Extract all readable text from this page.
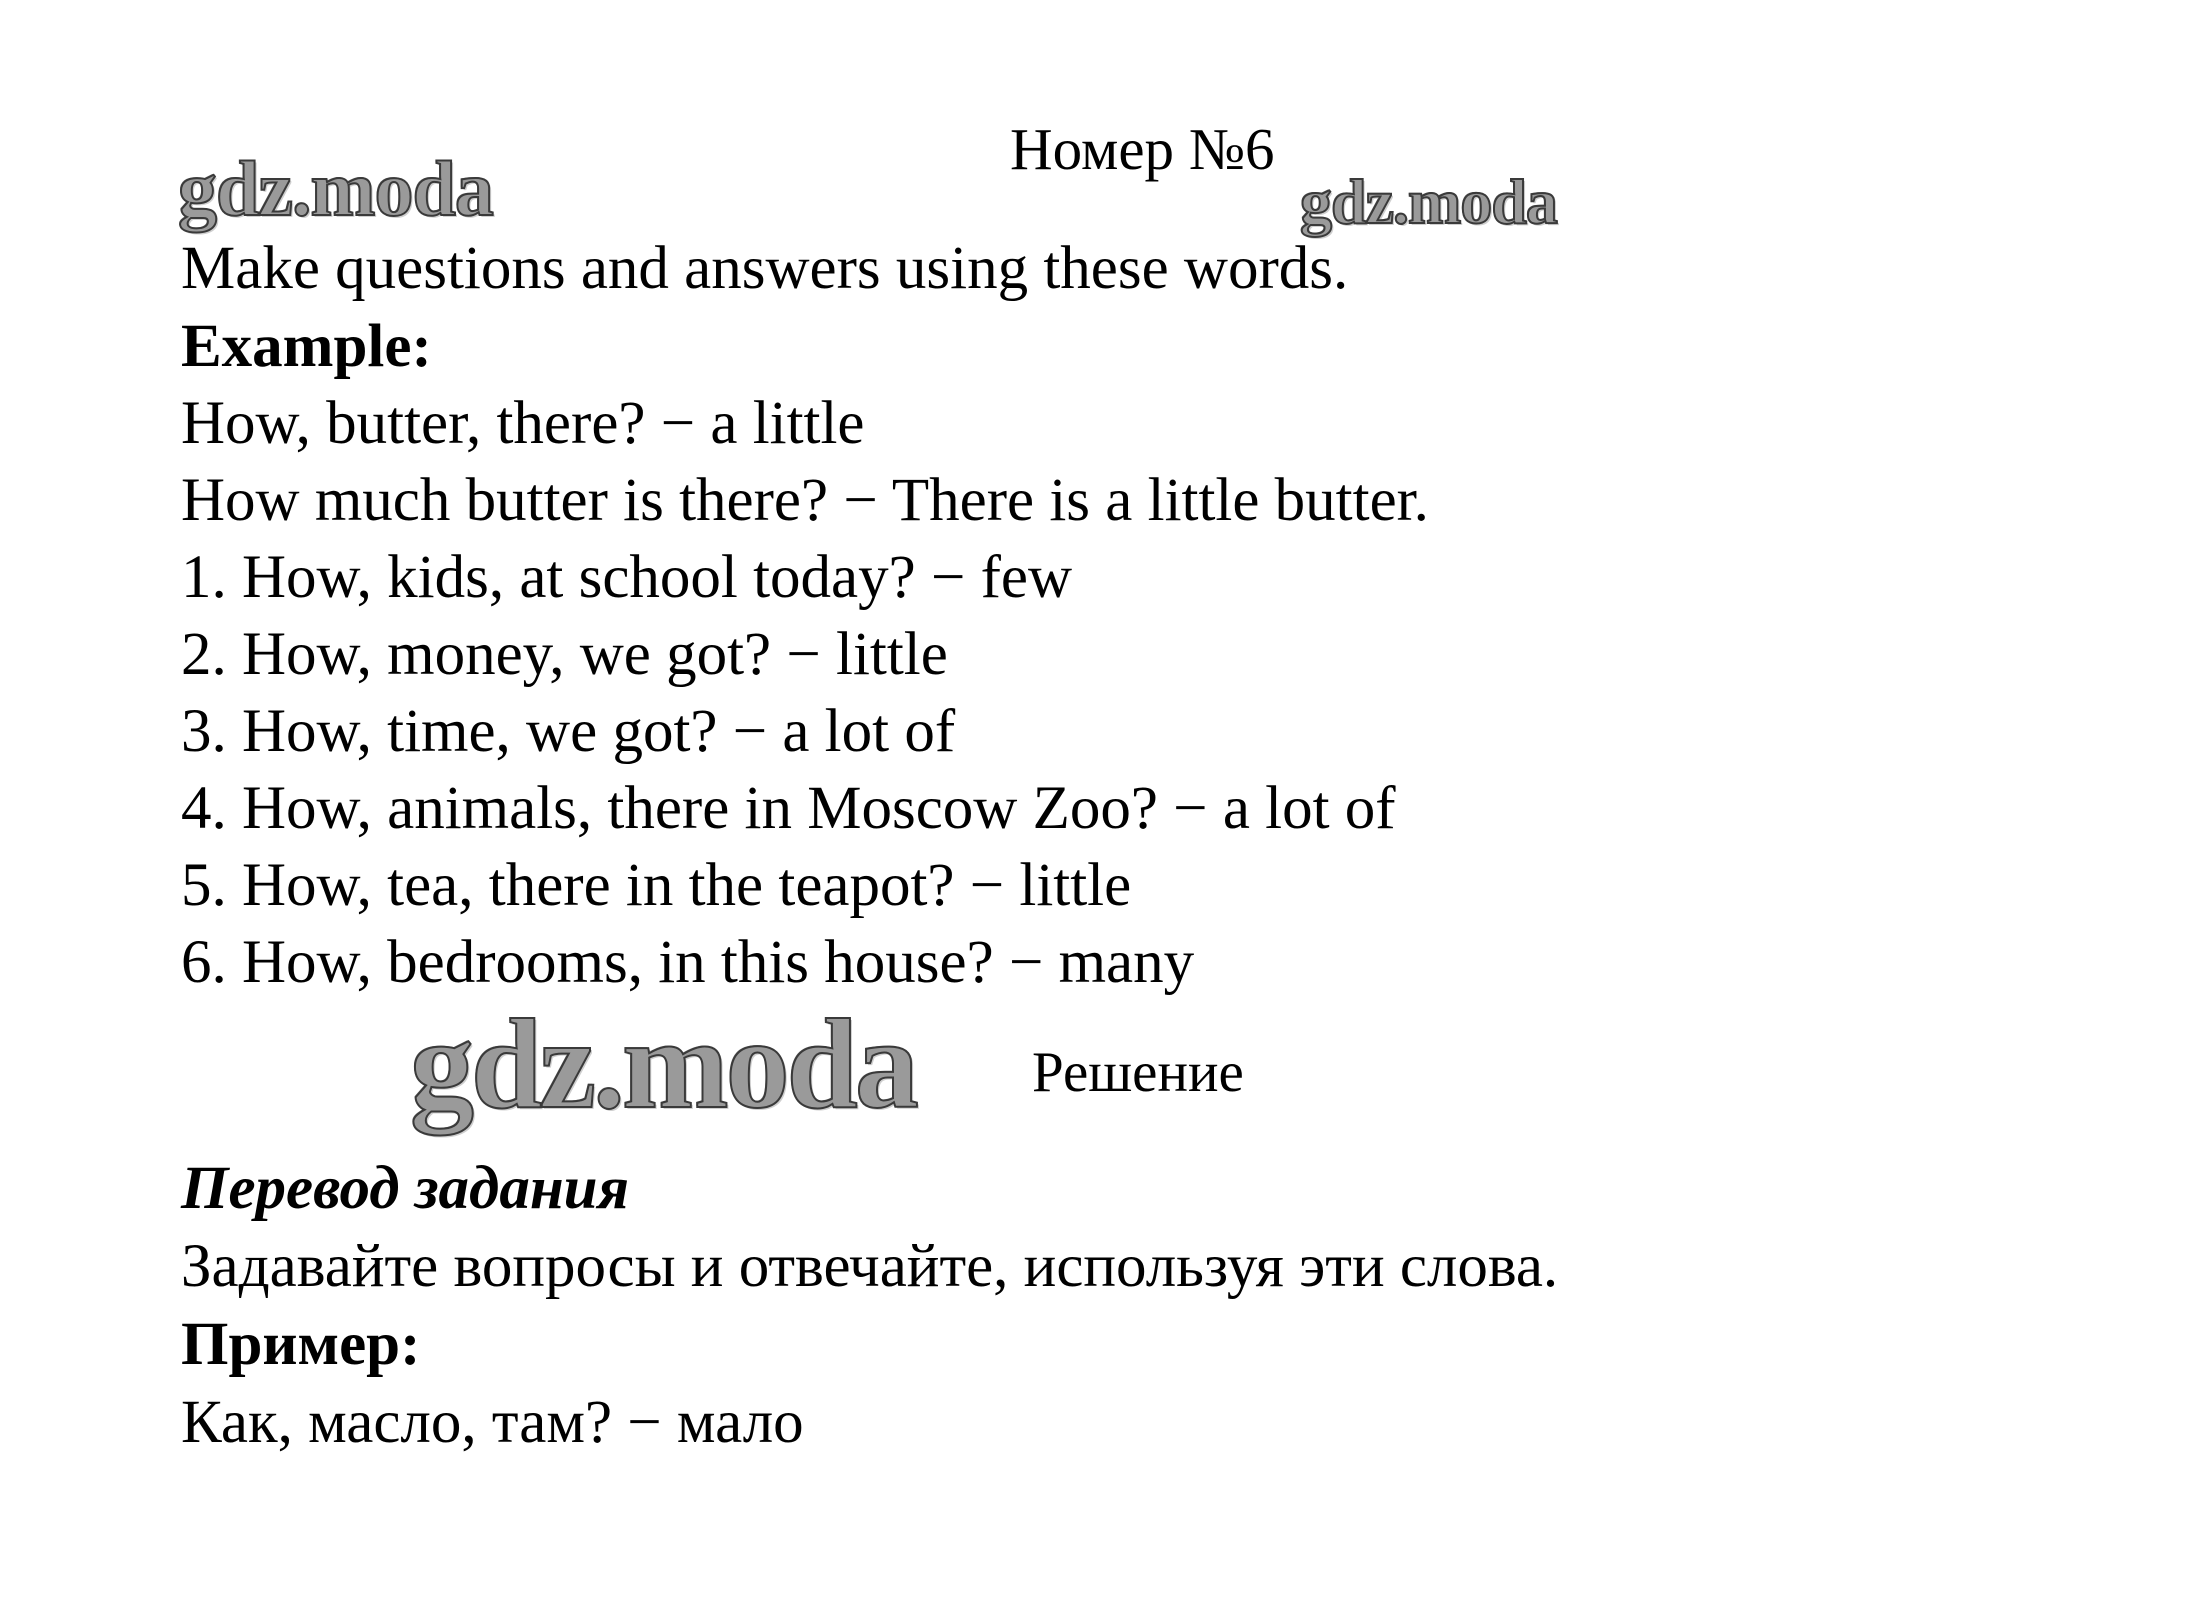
gdz.moda	gdz.moda
gdz.moda
Номер №6
Make questions and answers using these words.
Example:
How, butter, there? − a little
How much butter is there? − There is a little butter.
1. How, kids, at school today? − few
2. How, money, we got? − little
3. How, time, we got? − a lot of
4. How, animals, there in Moscow Zoo? − a lot of
5. How, tea, there in the teapot? − little
6. How, bedrooms, in this house? − many
Решение
Перевод задания
Задавайте вопросы и отвечайте, используя эти слова.
Пример:
Как, масло, там? − мало
